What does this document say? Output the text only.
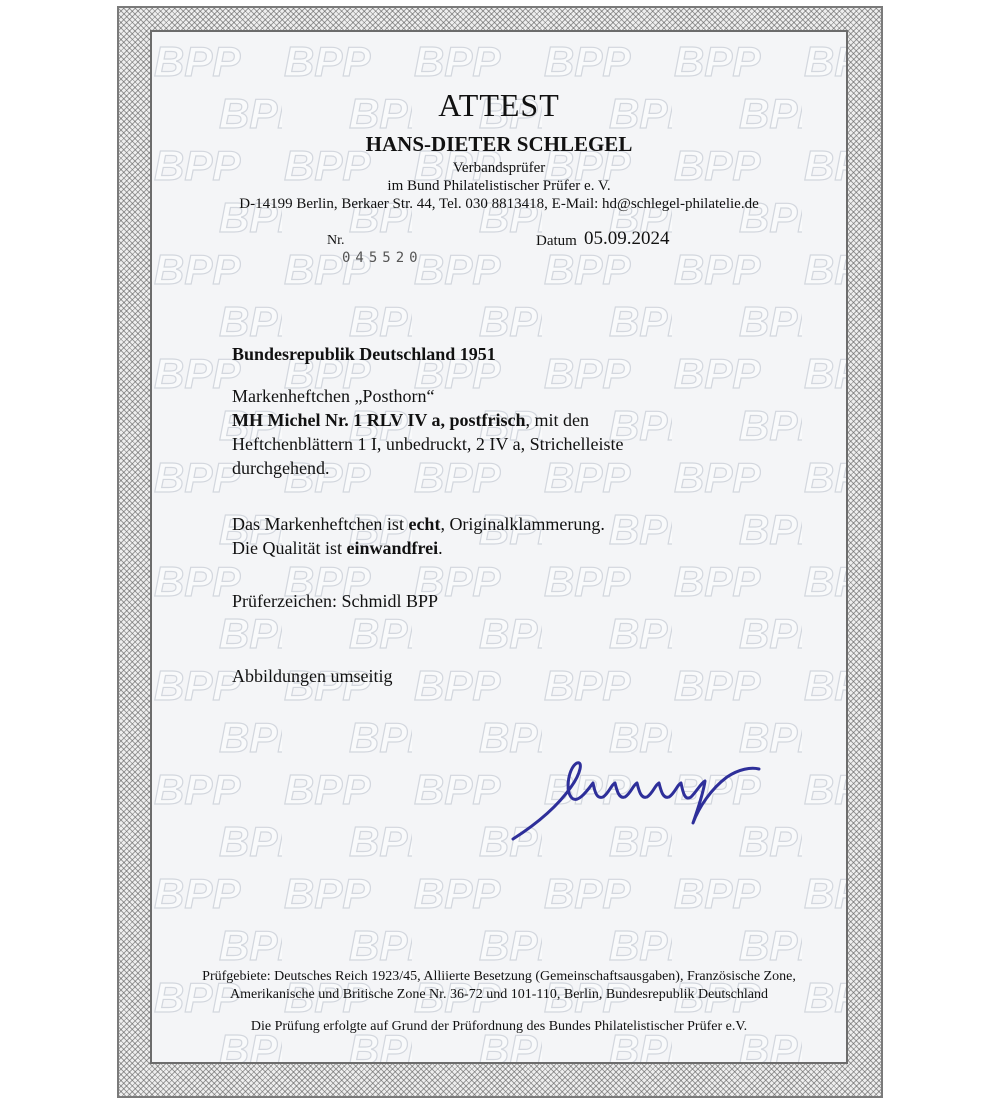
ATTEST
HANS-DIETER SCHLEGEL
Verbandsprüfer
im Bund Philatelistischer Prüfer e. V.
D-14199 Berlin, Berkaer Str. 44, Tel. 030 8813418, E-Mail: hd@schlegel-philatelie.de
Nr.
045520
Datum 05.09.2024
Bundesrepublik Deutschland 1951
Markenheftchen „Posthorn“
MH Michel Nr. 1 RLV IV a, postfrisch, mit den
Heftchenblättern 1 I, unbedruckt, 2 IV a, Strichelleiste
durchgehend.
Das Markenheftchen ist echt, Originalklammerung.
Die Qualität ist einwandfrei.
Prüferzeichen: Schmidl BPP
Abbildungen umseitig
Prüfgebiete: Deutsches Reich 1923/45, Alliierte Besetzung (Gemeinschaftsausgaben), Französische Zone,
Amerikanische und Britische Zone Nr. 36-72 und 101-110, Berlin, Bundesrepublik Deutschland
Die Prüfung erfolgte auf Grund der Prüfordnung des Bundes Philatelistischer Prüfer e.V.
